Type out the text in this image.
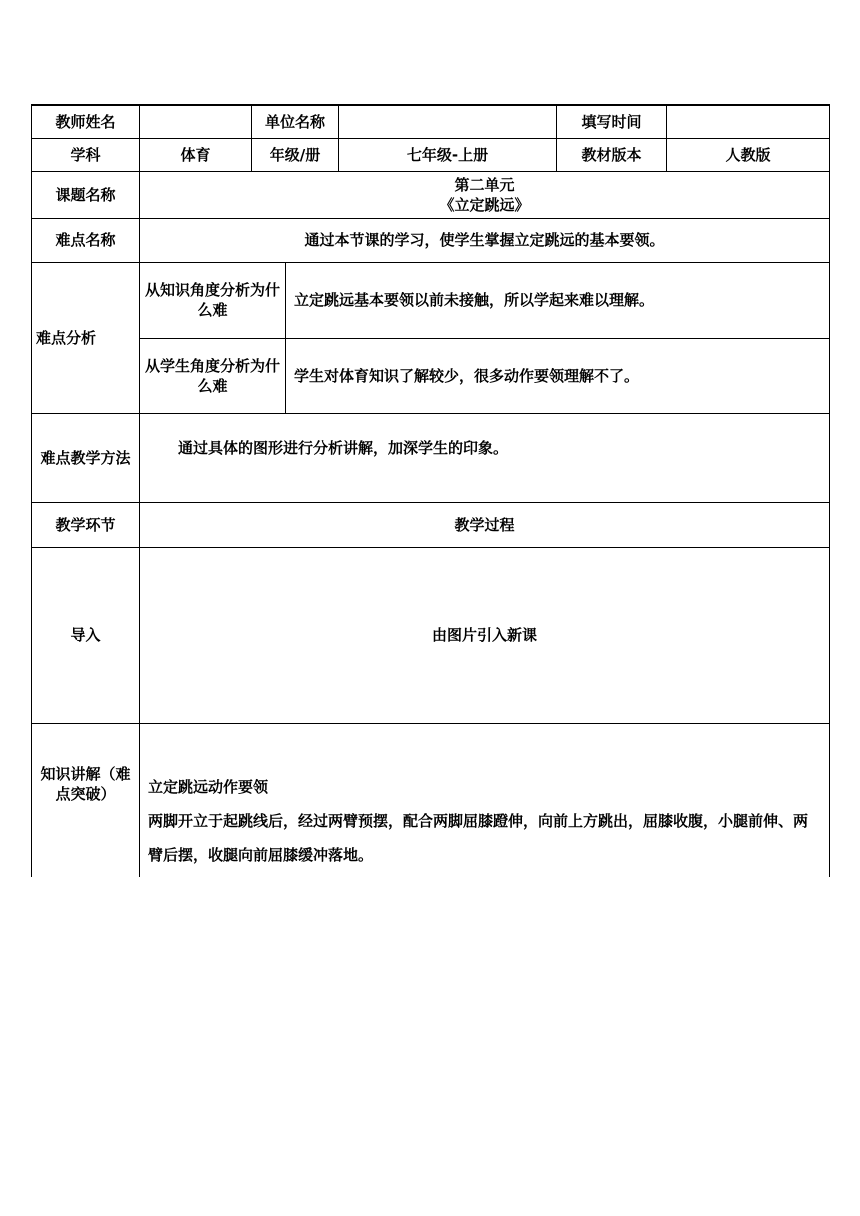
教师姓名		单位名称			填写时间	
学科	体育	年级/册		七年级-上册	教材版本	人教版
课题名称	第二单元
《立定跳远》					

难点名称	通过本节课的学习，使学生掌握立定跳远的基本要领。					
难点分析	从知识角度分析为什么难		立定跳远基本要领以前未接触，所以学起来难以理解。			
	从学生角度分析为什么难		学生对体育知识了解较少，很多动作要领理解不了。			
难点教学方法	通过具体的图形进行分析讲解，加深学生的印象。					
教学环节	教学过程					
导入	由图片引入新课					
知识讲解（难点突破）	立定跳远动作要领
两脚开立于起跳线后，经过两臂预摆，配合两脚屈膝蹬伸，向前上方跳出，屈膝收腹，小腿前伸、两臂后摆，收腿向前屈膝缓冲落地。					
